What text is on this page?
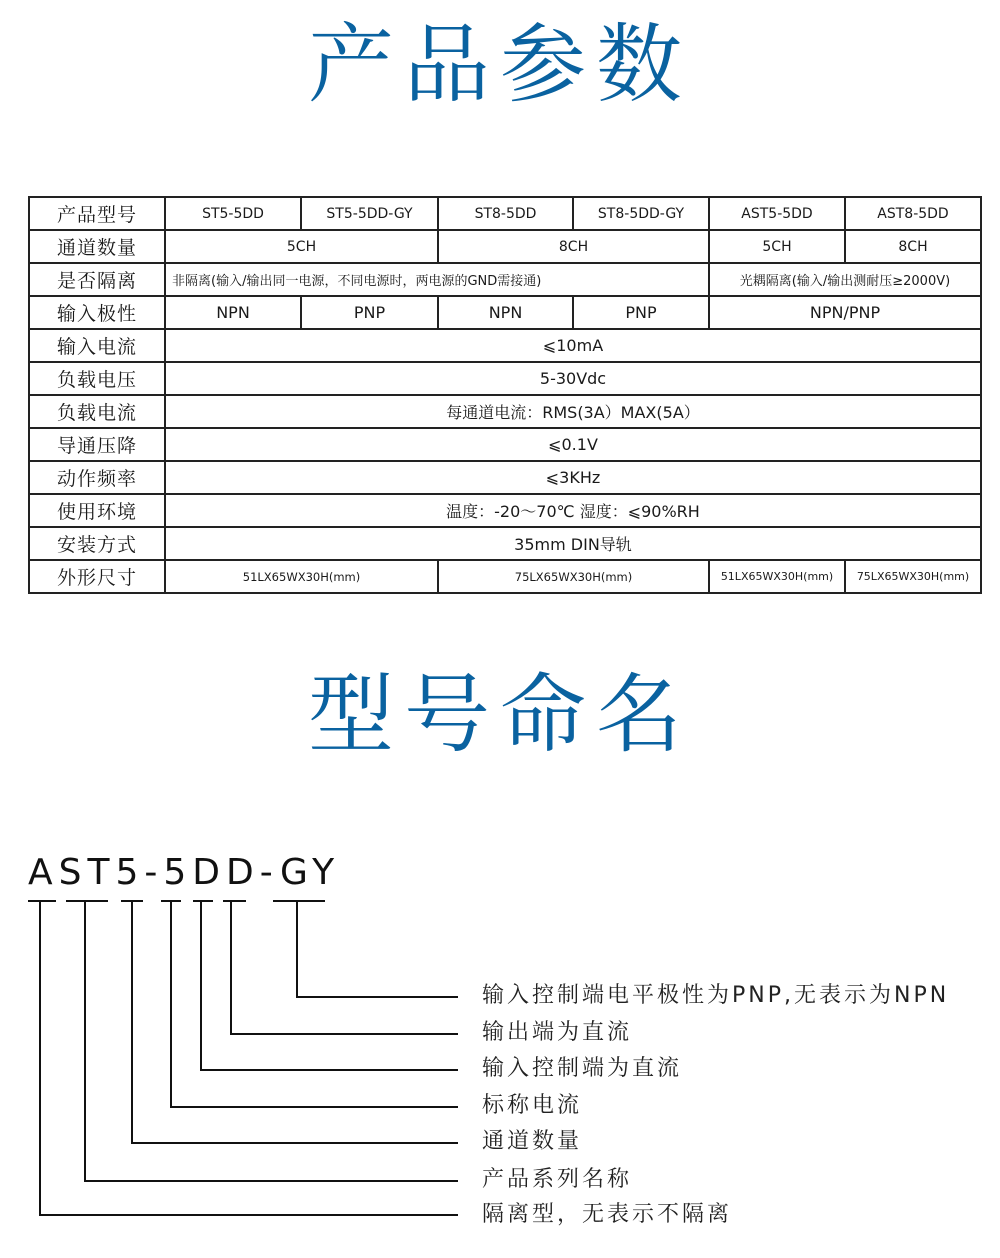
产品参数
产品型号	ST5-5DD	ST5-5DD-GY	ST8-5DD	ST8-5DD-GY	AST5-5DD	AST8-5DD
通道数量	5CH		8CH		5CH	8CH
是否隔离	非隔离(输入/输出同一电源，不同电源时，两电源的GND需接通)				光耦隔离(输入/输出测耐压≥2000V)	
输入极性	NPN	PNP	NPN	PNP	NPN/PNP	
输入电流	⩽10mA					
负载电压	5-30Vdc					
负载电流	每通道电流：RMS(3A）MAX(5A）					
导通压降	⩽0.1V					
动作频率	⩽3KHz					
使用环境	温度：-20～70℃ 湿度：⩽90%RH					
安装方式	35mm DIN导轨					
外形尺寸	51LX65WX30H(mm)		75LX65WX30H(mm)		51LX65WX30H(mm)	75LX65WX30H(mm)
型号命名
AST5-5DD-GY
输入控制端电平极性为PNP,无表示为NPN
输出端为直流
输入控制端为直流
标称电流
通道数量
产品系列名称
隔离型，无表示不隔离
